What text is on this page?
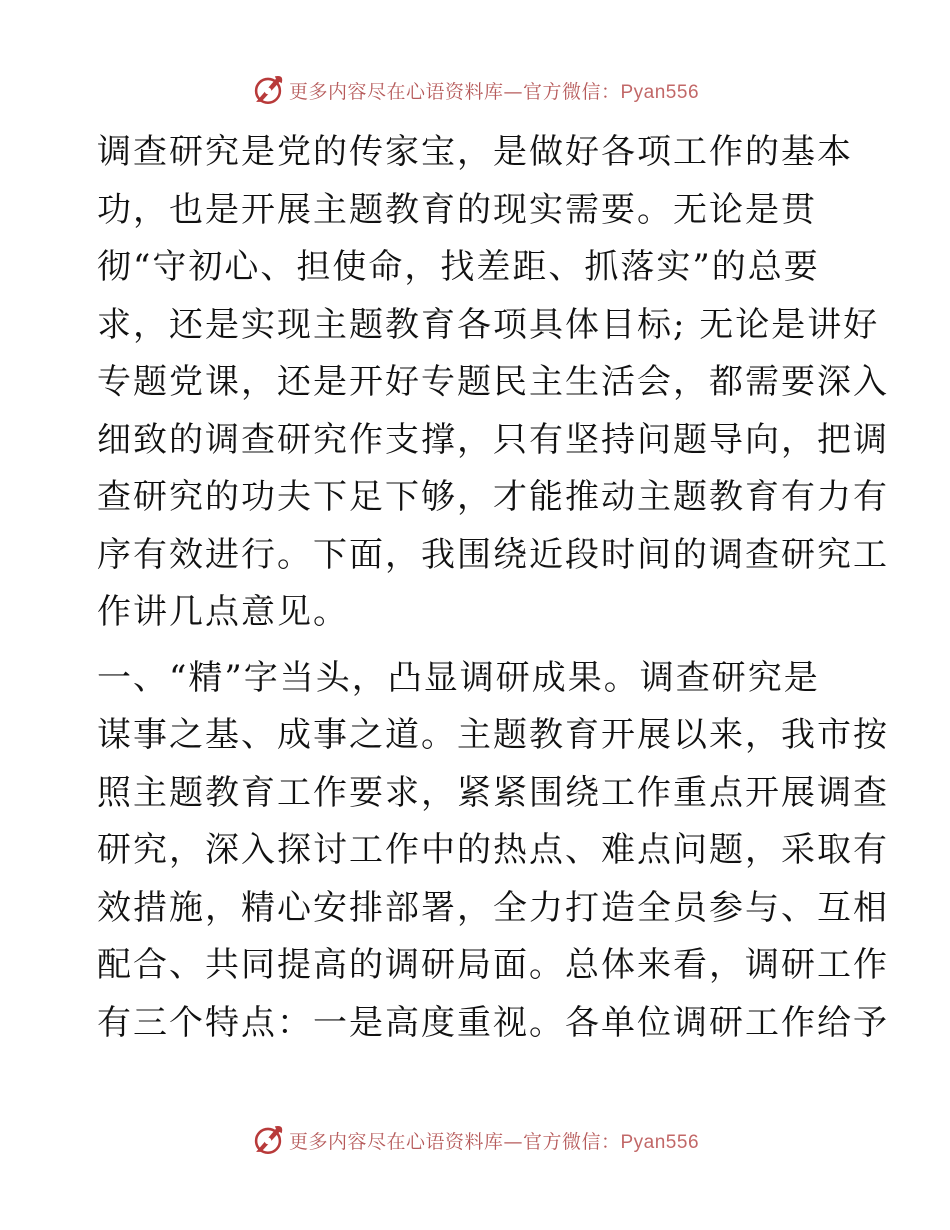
更多内容尽在心语资料库—官方微信：Pyan556
调查研究是党的传家宝，是做好各项工作的基本
功，也是开展主题教育的现实需要。无论是贯
彻“守初心、担使命，找差距、抓落实”的总要
求，还是实现主题教育各项具体目标; 无论是讲好
专题党课，还是开好专题民主生活会，都需要深入
细致的调查研究作支撑，只有坚持问题导向，把调
查研究的功夫下足下够，才能推动主题教育有力有
序有效进行。下面，我围绕近段时间的调查研究工
作讲几点意见。
一、“精”字当头，凸显调研成果。调查研究是
谋事之基、成事之道。主题教育开展以来，我市按
照主题教育工作要求，紧紧围绕工作重点开展调查
研究，深入探讨工作中的热点、难点问题，采取有
效措施，精心安排部署，全力打造全员参与、互相
配合、共同提高的调研局面。总体来看，调研工作
有三个特点：一是高度重视。各单位调研工作给予
更多内容尽在心语资料库—官方微信：Pyan556
